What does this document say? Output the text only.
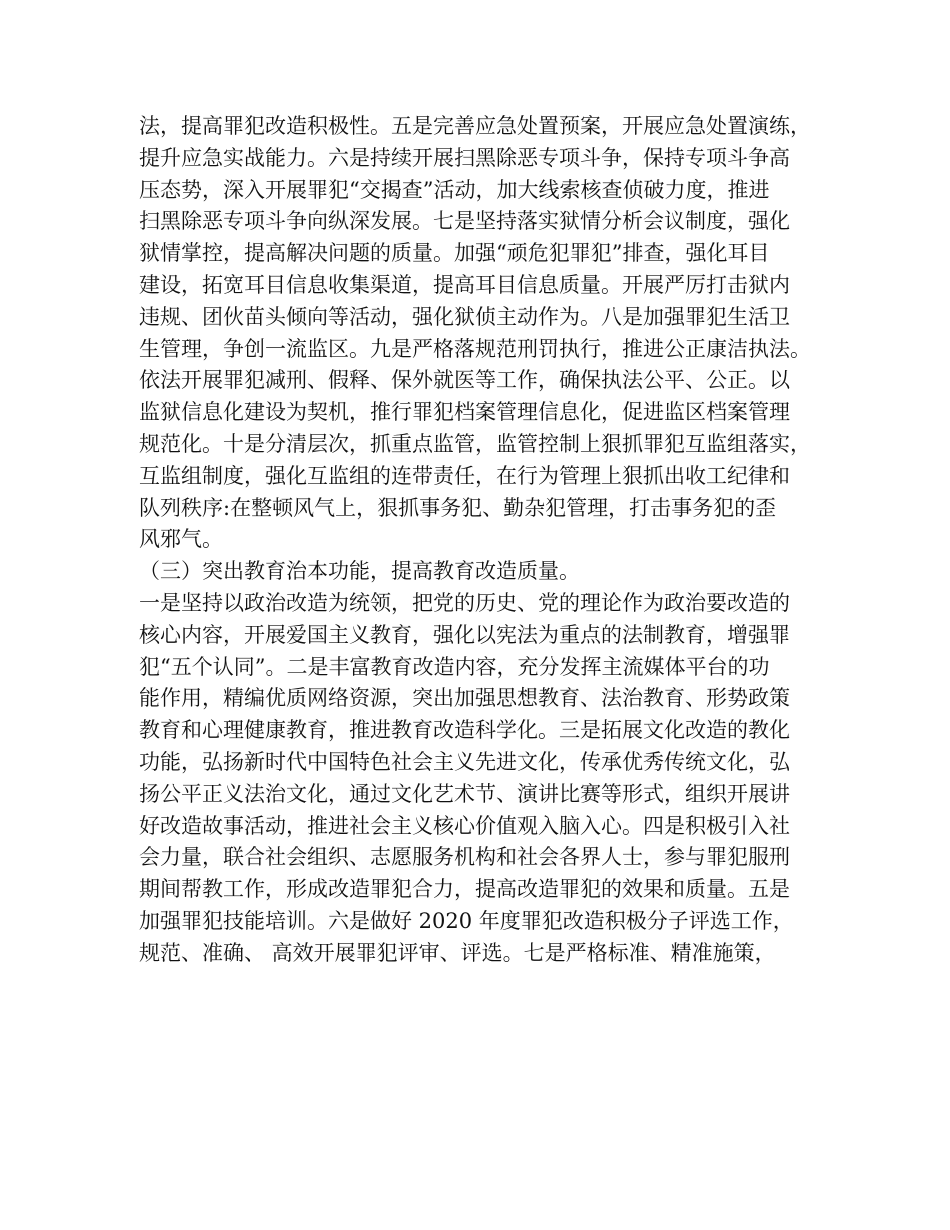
法，提高罪犯改造积极性。五是完善应急处置预案，开展应急处置演练，
提升应急实战能力。六是持续开展扫黑除恶专项斗争，保持专项斗争高
压态势，深入开展罪犯“交揭查”活动，加大线索核查侦破力度，推进
扫黑除恶专项斗争向纵深发展。七是坚持落实狱情分析会议制度，强化
狱情掌控，提高解决问题的质量。加强“顽危犯罪犯”排查，强化耳目
建设，拓宽耳目信息收集渠道，提高耳目信息质量。开展严厉打击狱内
违规、团伙苗头倾向等活动，强化狱侦主动作为。八是加强罪犯生活卫
生管理，争创一流监区。九是严格落规范刑罚执行，推进公正康洁执法。
依法开展罪犯减刑、假释、保外就医等工作，确保执法公平、公正。以
监狱信息化建设为契机，推行罪犯档案管理信息化，促进监区档案管理
规范化。十是分清层次，抓重点监管，监管控制上狠抓罪犯互监组落实，
互监组制度，强化互监组的连带责任，在行为管理上狠抓出收工纪律和
队列秩序:在整顿风气上，狠抓事务犯、勤杂犯管理，打击事务犯的歪
风邪气。
（三）突出教育治本功能，提高教育改造质量。
一是坚持以政治改造为统领，把党的历史、党的理论作为政治要改造的
核心内容，开展爱国主义教育，强化以宪法为重点的法制教育，增强罪
犯“五个认同”。二是丰富教育改造内容，充分发挥主流媒体平台的功
能作用，精编优质网络资源，突出加强思想教育、法治教育、形势政策
教育和心理健康教育，推进教育改造科学化。三是拓展文化改造的教化
功能，弘扬新时代中国特色社会主义先进文化，传承优秀传统文化，弘
扬公平正义法治文化，通过文化艺术节、演讲比赛等形式，组织开展讲
好改造故事活动，推进社会主义核心价值观入脑入心。四是积极引入社
会力量，联合社会组织、志愿服务机构和社会各界人士，参与罪犯服刑
期间帮教工作，形成改造罪犯合力，提高改造罪犯的效果和质量。五是
加强罪犯技能培训。六是做好 2020 年度罪犯改造积极分子评选工作，
规范、准确、 高效开展罪犯评审、评选。七是严格标准、精准施策，
